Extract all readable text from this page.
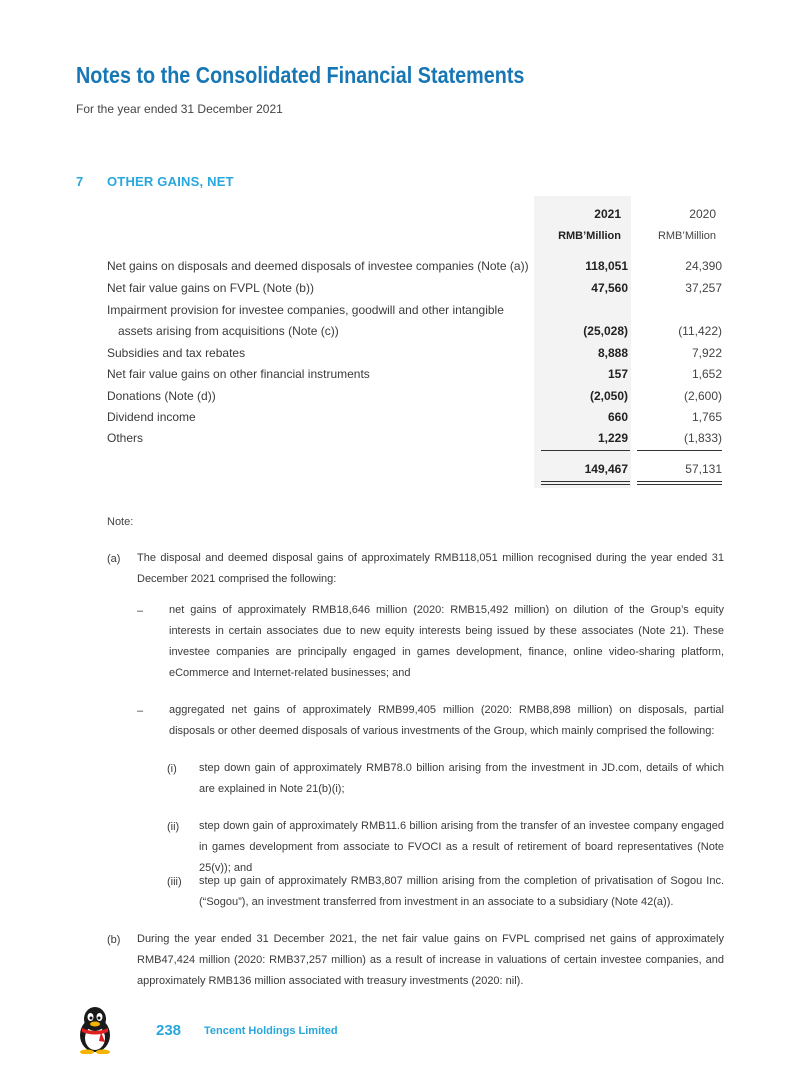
Notes to the Consolidated Financial Statements
For the year ended 31 December 2021
7 OTHER GAINS, NET
2021	2020
RMB’Million	RMB’Million
Net gains on disposals and deemed disposals of investee companies (Note (a))	118,051	24,390
Net fair value gains on FVPL (Note (b))	47,560	37,257
Impairment provision for investee companies, goodwill and other intangible
assets arising from acquisitions (Note (c))	(25,028)	(11,422)
Subsidies and tax rebates	8,888	7,922
Net fair value gains on other financial instruments	157	1,652
Donations (Note (d))	(2,050)	(2,600)
Dividend income	660	1,765
Others	1,229	(1,833)
149,467	57,131
Note:
(a) The disposal and deemed disposal gains of approximately RMB118,051 million recognised during the year ended 31 December 2021 comprised the following:
– net gains of approximately RMB18,646 million (2020: RMB15,492 million) on dilution of the Group’s equity interests in certain associates due to new equity interests being issued by these associates (Note 21). These investee companies are principally engaged in games development, finance, online video-sharing platform, eCommerce and Internet-related businesses; and
– aggregated net gains of approximately RMB99,405 million (2020: RMB8,898 million) on disposals, partial disposals or other deemed disposals of various investments of the Group, which mainly comprised the following:
(i) step down gain of approximately RMB78.0 billion arising from the investment in JD.com, details of which are explained in Note 21(b)(i);
(ii) step down gain of approximately RMB11.6 billion arising from the transfer of an investee company engaged in games development from associate to FVOCI as a result of retirement of board representatives (Note 25(v)); and
(iii) step up gain of approximately RMB3,807 million arising from the completion of privatisation of Sogou Inc. (“Sogou”), an investment transferred from investment in an associate to a subsidiary (Note 42(a)).
(b) During the year ended 31 December 2021, the net fair value gains on FVPL comprised net gains of approximately RMB47,424 million (2020: RMB37,257 million) as a result of increase in valuations of certain investee companies, and approximately RMB136 million associated with treasury investments (2020: nil).
238 Tencent Holdings Limited
